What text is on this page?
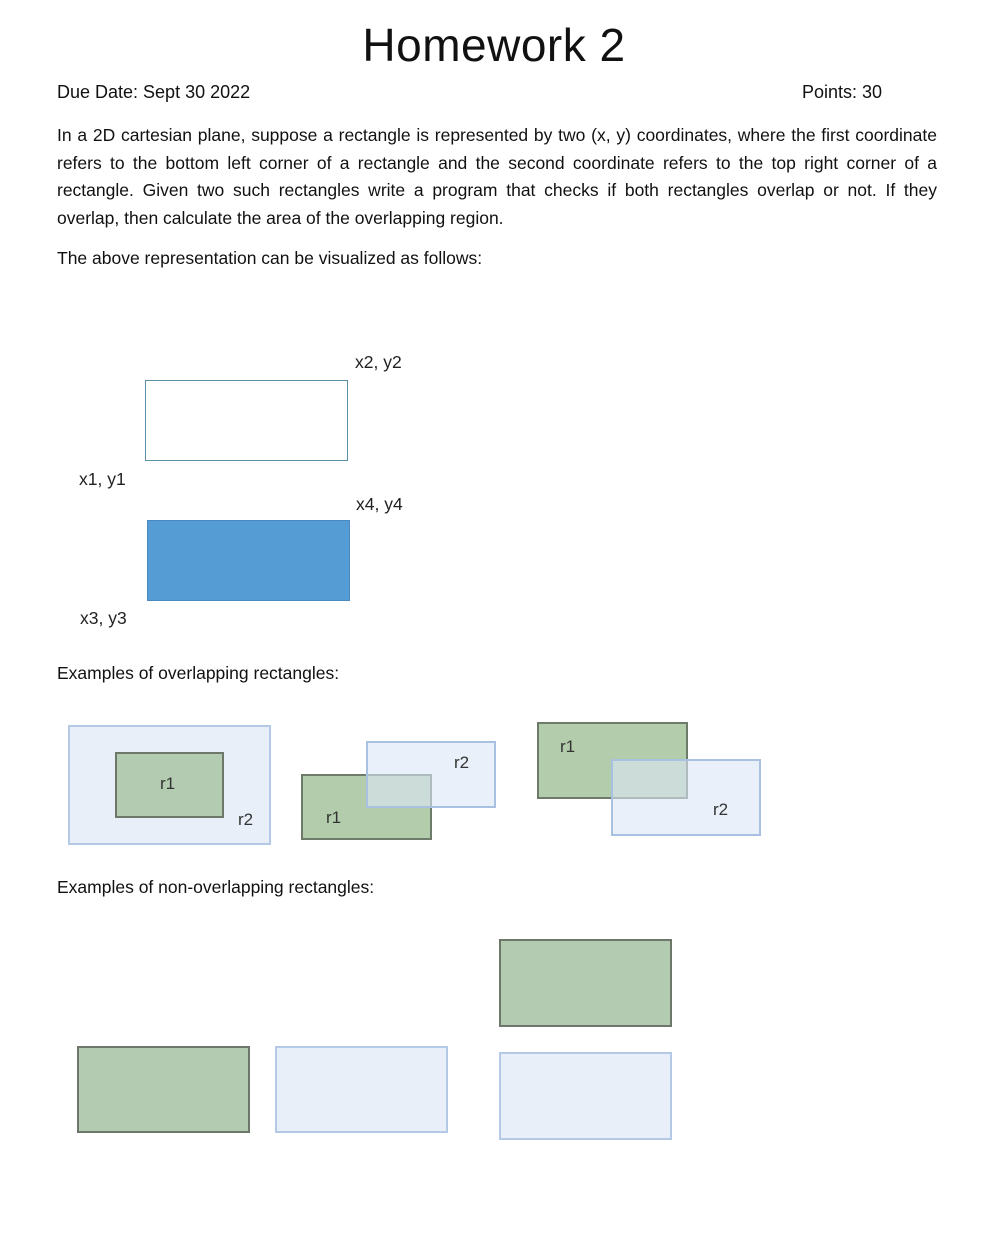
Homework 2
Due Date: Sept 30 2022	Points: 30
In a 2D cartesian plane, suppose a rectangle is represented by two (x, y) coordinates, where the first coordinate refers to the bottom left corner of a rectangle and the second coordinate refers to the top right corner of a rectangle. Given two such rectangles write a program that checks if both rectangles overlap or not. If they overlap, then calculate the area of the overlapping region.
The above representation can be visualized as follows:
x2, y2
x1, y1
x4, y4
x3, y3
Examples of overlapping rectangles:
r1
r2	r1
r2
r1
r2
Examples of non-overlapping rectangles:
